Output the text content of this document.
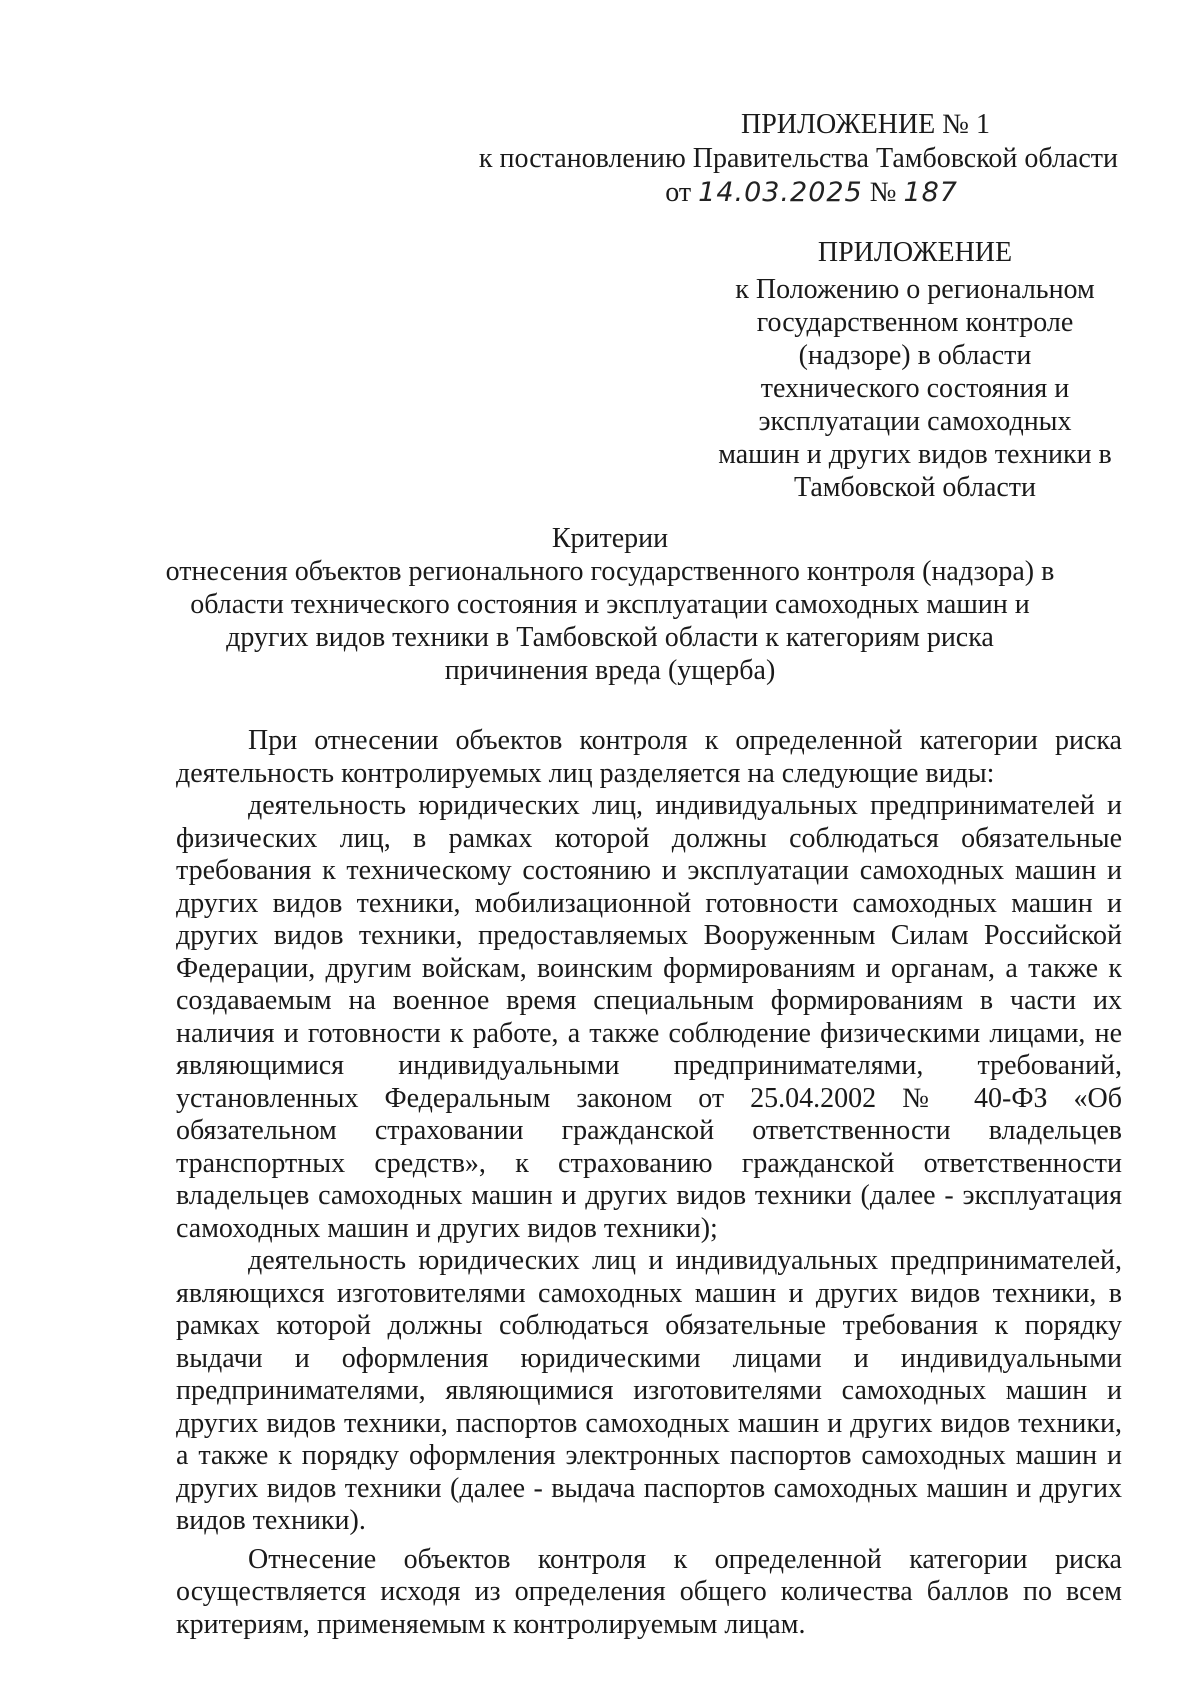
ПРИЛОЖЕНИЕ № 1
к постановлению Правительства Тамбовской области
от 14.03.2025 № 187
ПРИЛОЖЕНИЕ
к Положению о региональном
государственном контроле
(надзоре) в области
технического состояния и
эксплуатации самоходных
машин и других видов техники в
Тамбовской области
Критерии
отнесения объектов регионального государственного контроля (надзора) в
области технического состояния и эксплуатации самоходных машин и
других видов техники в Тамбовской области к категориям риска
причинения вреда (ущерба)

При отнесении объектов контроля к определенной категории риска деятельность контролируемых лиц разделяется на следующие виды:

деятельность юридических лиц, индивидуальных предпринимателей и физических лиц, в рамках которой должны соблюдаться обязательные требования к техническому состоянию и эксплуатации самоходных машин и других видов техники, мобилизационной готовности самоходных машин и других видов техники, предоставляемых Вооруженным Силам Российской Федерации, другим войскам, воинским формированиям и органам, а также к создаваемым на военное время специальным формированиям в части их наличия и готовности к работе, а также соблюдение физическими лицами, не являющимися индивидуальными предпринимателями, требований, установленных Федеральным законом от 25.04.2002 № 40-ФЗ «Об обязательном страховании гражданской ответственности владельцев транспортных средств», к страхованию гражданской ответственности владельцев самоходных машин и других видов техники (далее - эксплуатация самоходных машин и других видов техники);

деятельность юридических лиц и индивидуальных предпринимателей, являющихся изготовителями самоходных машин и других видов техники, в рамках которой должны соблюдаться обязательные требования к порядку выдачи и оформления юридическими лицами и индивидуальными предпринимателями, являющимися изготовителями самоходных машин и других видов техники, паспортов самоходных машин и других видов техники, а также к порядку оформления электронных паспортов самоходных машин и других видов техники (далее - выдача паспортов самоходных машин и других видов техники).

Отнесение объектов контроля к определенной категории риска осуществляется исходя из определения общего количества баллов по всем критериям, применяемым к контролируемым лицам.
